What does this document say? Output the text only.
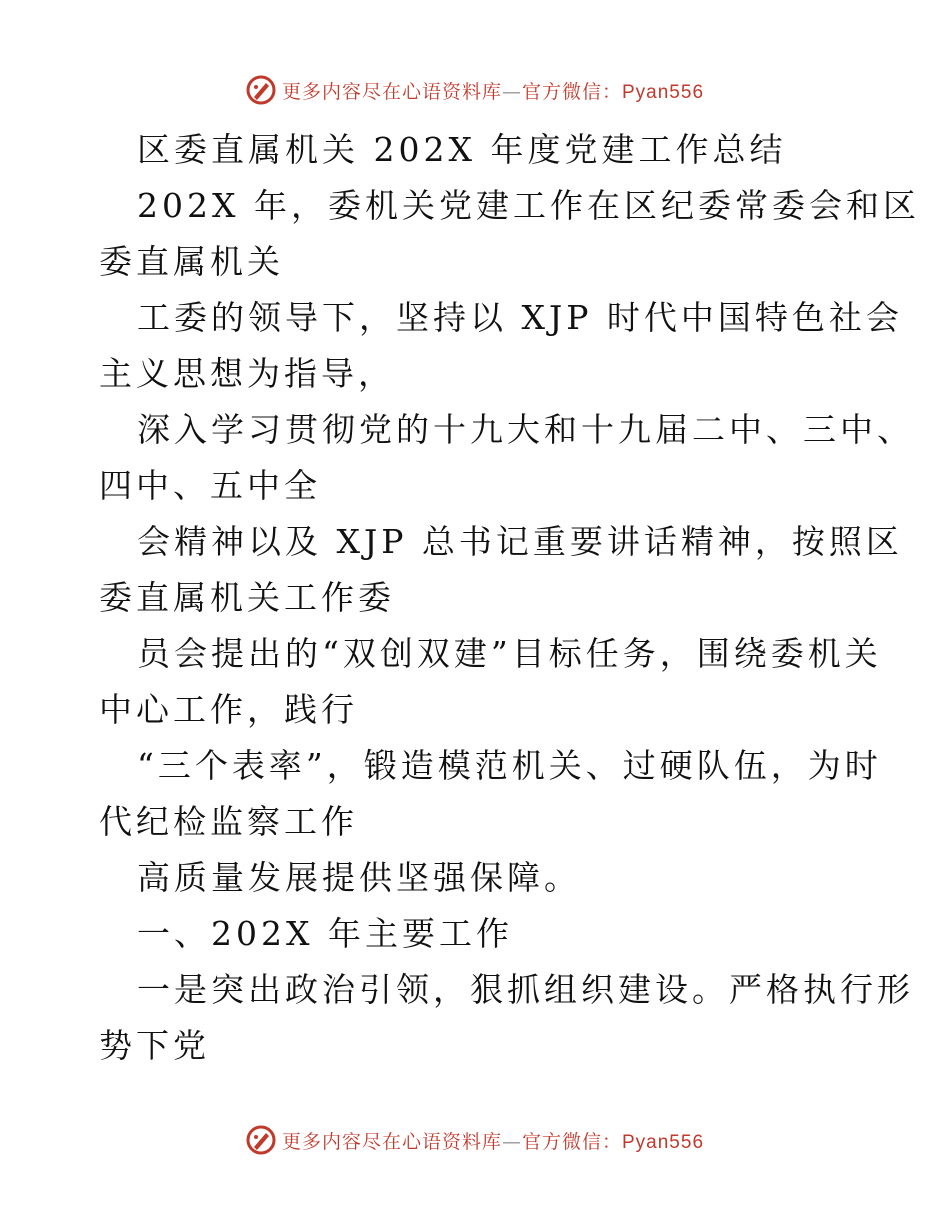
更多内容尽在心语资料库—官方微信：Pyan556

区委直属机关 202X 年度党建工作总结

202X 年，委机关党建工作在区纪委常委会和区

委直属机关

工委的领导下，坚持以 XJP 时代中国特色社会

主义思想为指导，

深入学习贯彻党的十九大和十九届二中、三中、

四中、五中全

会精神以及 XJP 总书记重要讲话精神，按照区

委直属机关工作委

员会提出的“双创双建”目标任务，围绕委机关

中心工作，践行

“三个表率”，锻造模范机关、过硬队伍，为时

代纪检监察工作

高质量发展提供坚强保障。

一、202X 年主要工作

一是突出政治引领，狠抓组织建设。严格执行形

势下党

更多内容尽在心语资料库—官方微信：Pyan556
